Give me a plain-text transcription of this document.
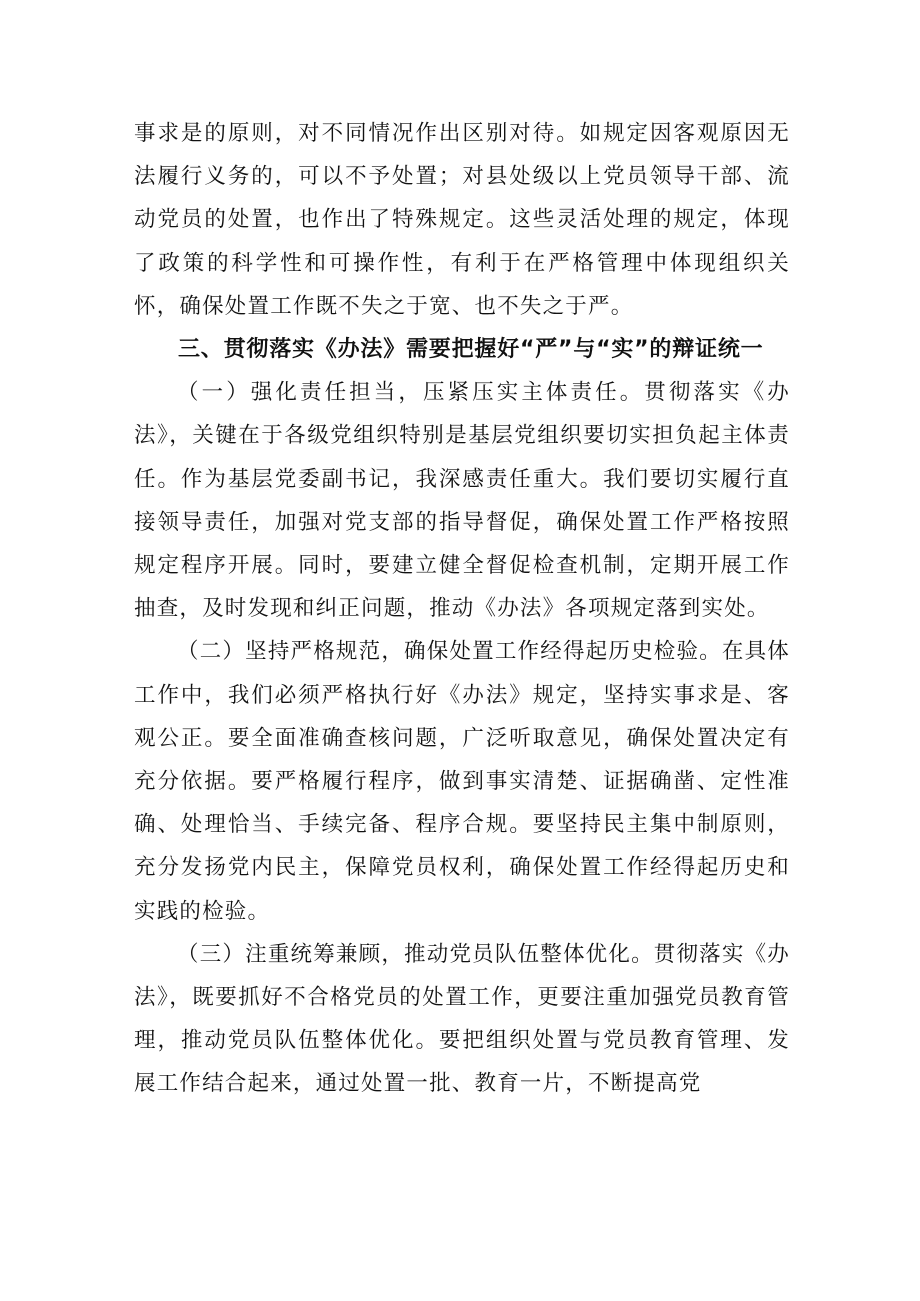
事求是的原则，对不同情况作出区别对待。如规定因客观原因无法履行义务的，可以不予处置；对县处级以上党员领导干部、流动党员的处置，也作出了特殊规定。这些灵活处理的规定，体现了政策的科学性和可操作性，有利于在严格管理中体现组织关怀，确保处置工作既不失之于宽、也不失之于严。

三、贯彻落实《办法》需要把握好“严”与“实”的辩证统一

（一）强化责任担当，压紧压实主体责任。贯彻落实《办法》，关键在于各级党组织特别是基层党组织要切实担负起主体责任。作为基层党委副书记，我深感责任重大。我们要切实履行直接领导责任，加强对党支部的指导督促，确保处置工作严格按照规定程序开展。同时，要建立健全督促检查机制，定期开展工作抽查，及时发现和纠正问题，推动《办法》各项规定落到实处。

（二）坚持严格规范，确保处置工作经得起历史检验。在具体工作中，我们必须严格执行好《办法》规定，坚持实事求是、客观公正。要全面准确查核问题，广泛听取意见，确保处置决定有充分依据。要严格履行程序，做到事实清楚、证据确凿、定性准确、处理恰当、手续完备、程序合规。要坚持民主集中制原则，充分发扬党内民主，保障党员权利，确保处置工作经得起历史和实践的检验。

（三）注重统筹兼顾，推动党员队伍整体优化。贯彻落实《办法》，既要抓好不合格党员的处置工作，更要注重加强党员教育管理，推动党员队伍整体优化。要把组织处置与党员教育管理、发展工作结合起来，通过处置一批、教育一片，不断提高党
